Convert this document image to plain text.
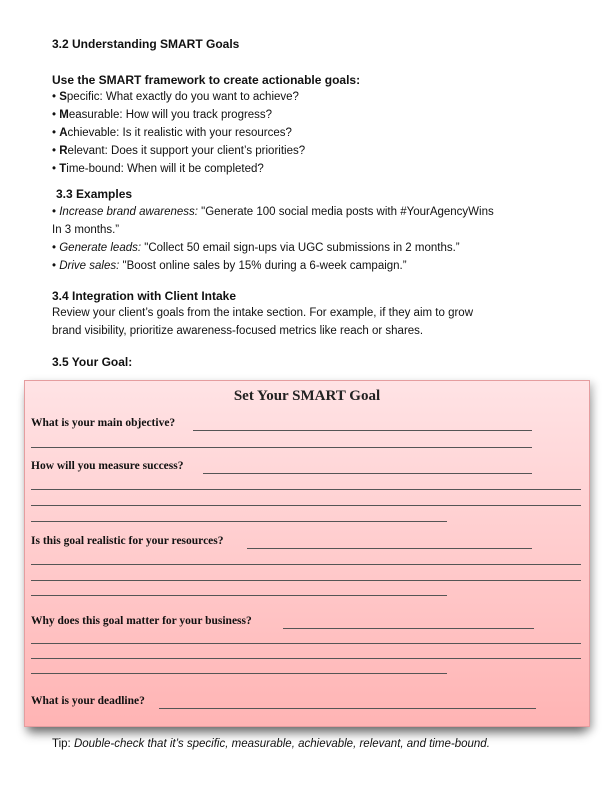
3.2 Understanding SMART Goals
Use the SMART framework to create actionable goals:
• Specific: What exactly do you want to achieve?
• Measurable: How will you track progress?
• Achievable: Is it realistic with your resources?
• Relevant: Does it support your client’s priorities?
• Time-bound: When will it be completed?
3.3 Examples
• Increase brand awareness: "Generate 100 social media posts with #YourAgencyWins
In 3 months.”
• Generate leads: "Collect 50 email sign-ups via UGC submissions in 2 months.”
• Drive sales: "Boost online sales by 15% during a 6-week campaign.”
3.4 Integration with Client Intake
Review your client’s goals from the intake section. For example, if they aim to grow
brand visibility, prioritize awareness-focused metrics like reach or shares.
3.5 Your Goal:
Set Your SMART Goal
What is your main objective?
How will you measure success?
Is this goal realistic for your resources?
Why does this goal matter for your business?
What is your deadline?
Tip: Double-check that it’s specific, measurable, achievable, relevant, and time-bound.
